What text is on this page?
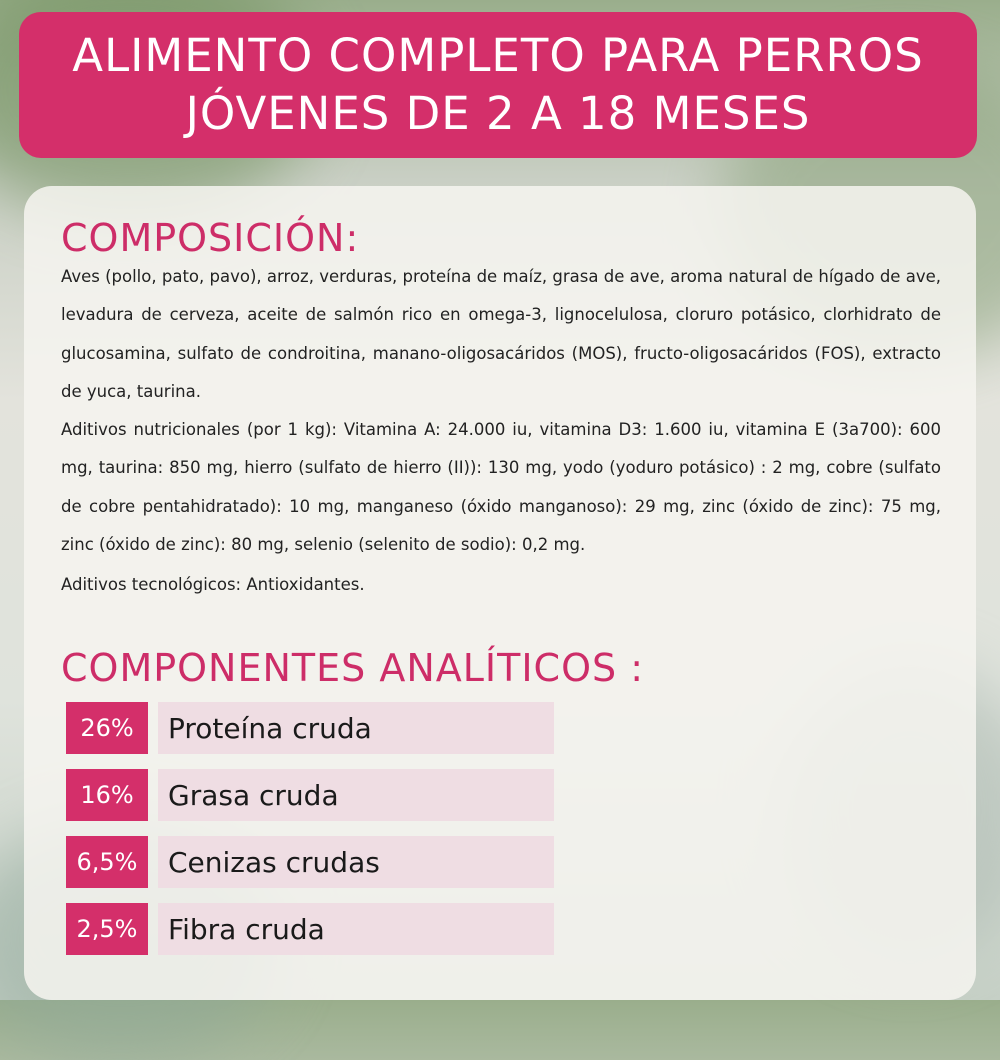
ALIMENTO COMPLETO PARA PERROS
JÓVENES DE 2 A 18 MESES
COMPOSICIÓN:
Aves (pollo, pato, pavo), arroz, verduras, proteína de maíz, grasa de ave, aroma natural de hígado de ave, levadura de cerveza, aceite de salmón rico en omega-3, lignocelulosa, cloruro potásico, clorhidrato de glucosamina, sulfato de condroitina, manano-oligosacáridos (MOS), fructo-oligosacáridos (FOS), extracto de yuca, taurina.
Aditivos nutricionales (por 1 kg): Vitamina A: 24.000 iu, vitamina D3: 1.600 iu, vitamina E (3a700): 600 mg, taurina: 850 mg, hierro (sulfato de hierro (II)): 130 mg, yodo (yoduro potásico) : 2 mg, cobre (sulfato de cobre pentahidratado): 10 mg, manganeso (óxido manganoso): 29 mg, zinc (óxido de zinc): 75 mg, zinc (óxido de zinc): 80 mg, selenio (selenito de sodio): 0,2 mg.
Aditivos tecnológicos: Antioxidantes.
COMPONENTES ANALÍTICOS :
26%	Proteína cruda
16%	Grasa cruda
6,5%	Cenizas crudas
2,5%	Fibra cruda
